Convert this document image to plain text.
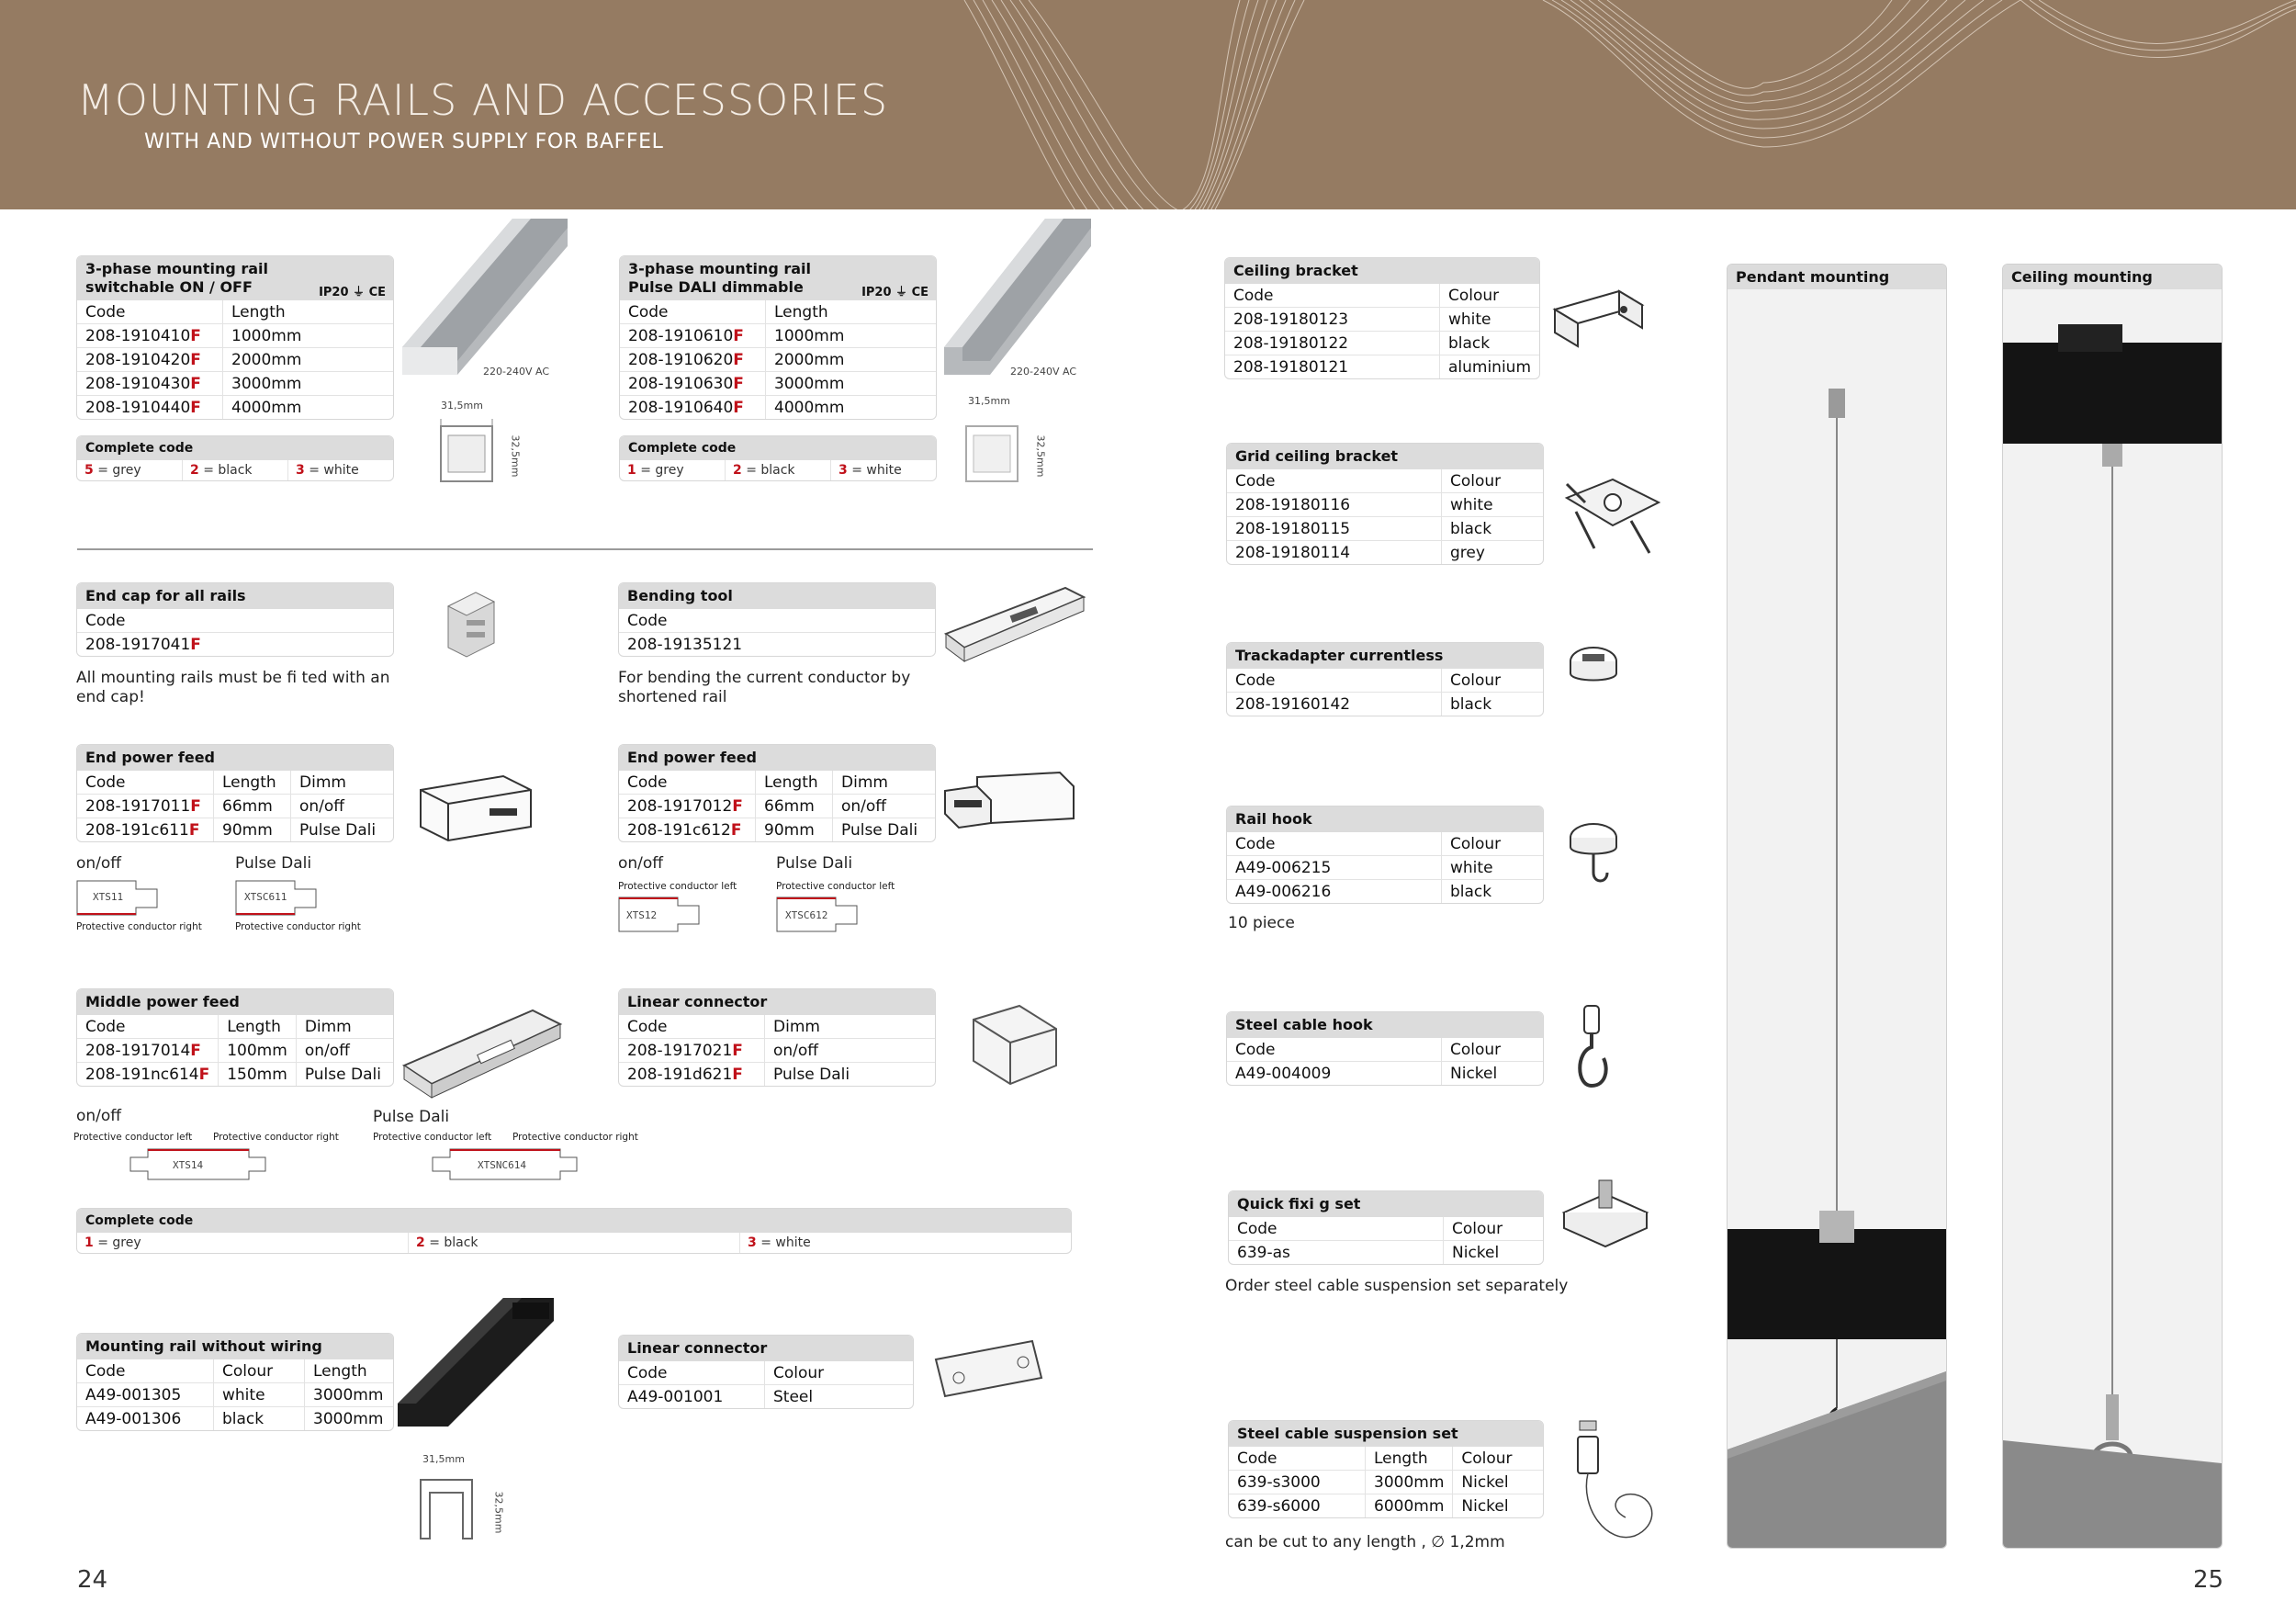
MOUNTING RAILS AND ACCESSORIES
WITH AND WITHOUT POWER SUPPLY FOR BAFFEL
3-phase mounting rail
switchable ON / OFF	IP20 ⏚ CE
Code	Length
208-1910410F	1000mm
208-1910420F	2000mm
208-1910430F	3000mm
208-1910440F	4000mm
220-240V AC
31,5mm
32,5mm
3-phase mounting rail
Pulse DALI dimmable	IP20 ⏚ CE
Code	Length
208-1910610F	1000mm
208-1910620F	2000mm
208-1910630F	3000mm
208-1910640F	4000mm
220-240V AC
31,5mm
32,5mm
Complete code
5 = grey	2 = black	3 = white
Complete code
1 = grey	2 = black	3 = white
End cap for all rails
Code
208-1917041F
All mounting rails must be fi ted with an end cap!
Bending tool
Code
208-19135121
For bending the current conductor by shortened rail
End power feed
Code	Length	Dimm
208-1917011F	66mm	on/off
208-191c611F	90mm	Pulse Dali
on/off	Pulse Dali
XTS11	XTSC611
Protective conductor right	Protective conductor right
End power feed
Code	Length	Dimm
208-1917012F	66mm	on/off
208-191c612F	90mm	Pulse Dali
on/off	Pulse Dali
Protective conductor left	Protective conductor left
XTS12	XTSC612
Middle power feed
Code	Length	Dimm
208-1917014F	100mm	on/off
208-191nc614F	150mm	Pulse Dali
on/off	Pulse Dali
Protective conductor left Protective conductor right
XTS14
Protective conductor left Protective conductor right
XTSNC614
Linear connector
Code	Dimm
208-1917021F	on/off
208-191d621F	Pulse Dali
Complete code
1 = grey	2 = black	3 = white
Mounting rail without wiring
Code	Colour	Length
A49-001305	white	3000mm
A49-001306	black	3000mm
31,5mm
32,5mm
Linear connector
Code	Colour
A49-001001	Steel
24
Ceiling bracket
Code	Colour
208-19180123	white
208-19180122	black
208-19180121	aluminium
Grid ceiling bracket
Code	Colour
208-19180116	white
208-19180115	black
208-19180114	grey
Trackadapter currentless
Code	Colour
208-19160142	black
Rail hook
Code	Colour
A49-006215	white
A49-006216	black
10 piece
Steel cable hook
Code	Colour
A49-004009	Nickel
Quick fixi g set
Code	Colour
639-as	Nickel
Order steel cable suspension set separately
Steel cable suspension set
Code	Length	Colour
639-s3000	3000mm	Nickel
639-s6000	6000mm	Nickel
can be cut to any length , ∅ 1,2mm
Pendant mounting	Ceiling mounting
25
